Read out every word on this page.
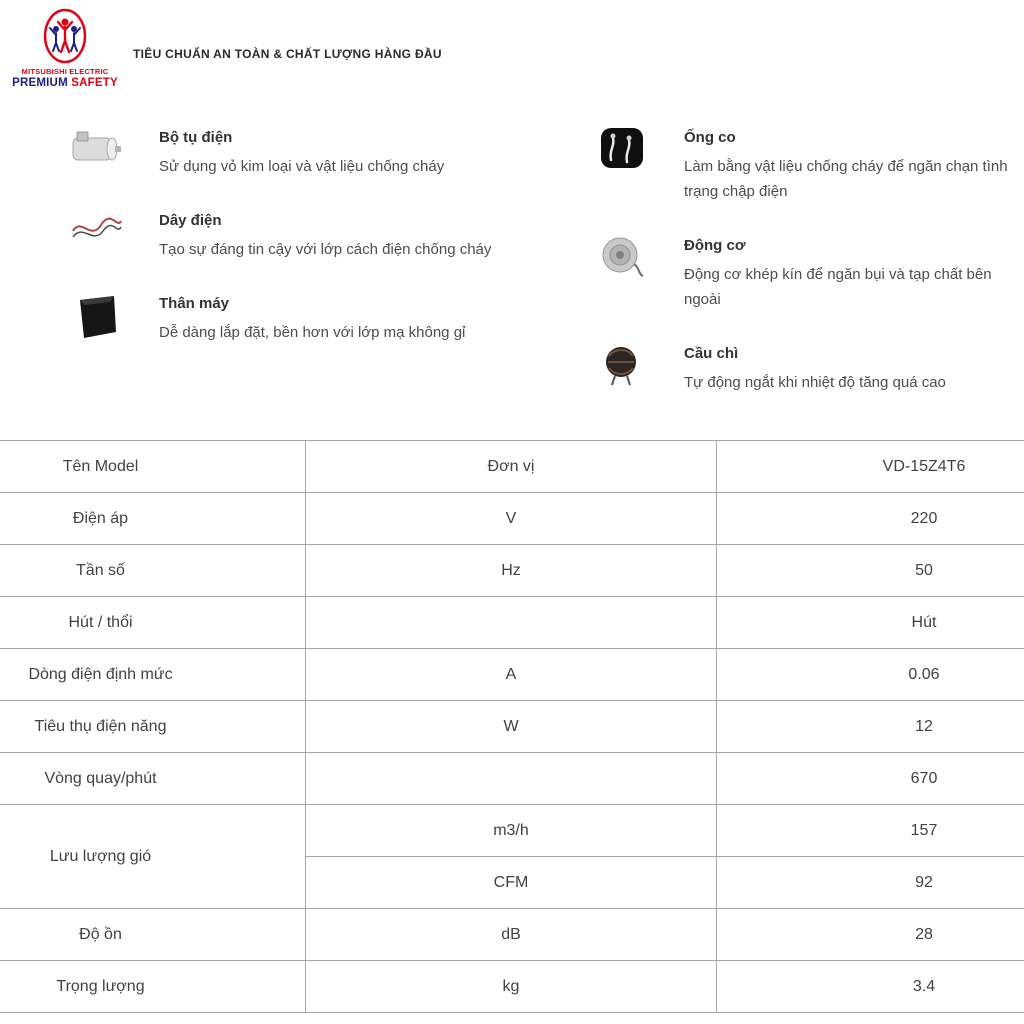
MITSUBISHI ELECTRIC
PREMIUM SAFETY
TIÊU CHUẨN AN TOÀN & CHẤT LƯỢNG HÀNG ĐẦU
Bộ tụ điện
Sử dụng vỏ kim loại và vật liệu chống cháy
Dây điện
Tạo sự đáng tin cậy với lớp cách điện chống cháy
Thân máy
Dễ dàng lắp đặt, bền hơn với lớp mạ không gỉ
Ống co
Làm bằng vật liệu chống cháy để ngăn chạn tình trạng chập điện
Động cơ
Động cơ khép kín để ngăn bụi và tạp chất bên ngoài
Cầu chì
Tự động ngắt khi nhiệt độ tăng quá cao
Tên Model	Đơn vị	VD-15Z4T6
Điện áp	V	220
Tần số	Hz	50
Hút / thổi		Hút
Dòng điện định mức	A	0.06
Tiêu thụ điện năng	W	12
Vòng quay/phút		670
Lưu lượng gió	m3/h	157
	CFM	92
Độ ồn	dB	28
Trọng lượng	kg	3.4
